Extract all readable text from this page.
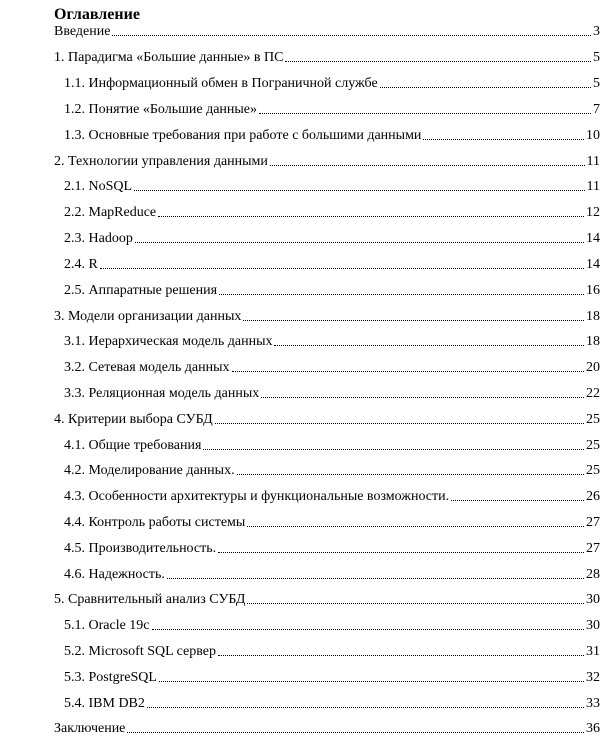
Оглавление
Введение	3
1. Парадигма «Большие данные» в ПС	5
1.1. Информационный обмен в Пограничной службе	5
1.2. Понятие «Большие данные»	7
1.3. Основные требования при работе с большими данными	10
2. Технологии управления данными	11
2.1. NoSQL	11
2.2. MapReduce	12
2.3. Hadoop	14
2.4. R	14
2.5. Аппаратные решения	16
3. Модели организации данных	18
3.1. Иерархическая модель данных	18
3.2. Сетевая модель данных	20
3.3. Реляционная модель данных	22
4. Критерии выбора СУБД	25
4.1. Общие требования	25
4.2. Моделирование данных.	25
4.3. Особенности архитектуры и функциональные возможности.	26
4.4. Контроль работы системы	27
4.5. Производительность.	27
4.6. Надежность.	28
5. Сравнительный анализ СУБД	30
5.1. Oracle 19c	30
5.2. Microsoft SQL сервер	31
5.3. PostgreSQL	32
5.4. IBM DB2	33
Заключение	36
